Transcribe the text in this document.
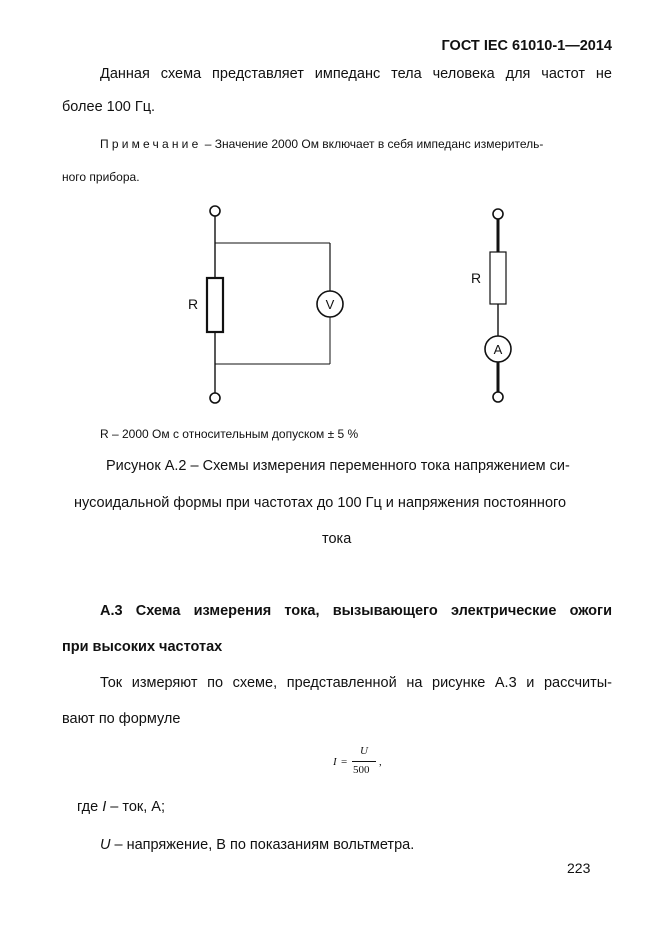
ГОСТ IEC 61010-1—2014
Данная схема представляет импеданс тела человека для частот не
более 100 Гц.
Примечание – Значение 2000 Ом включает в себя импеданс измеритель-
ного прибора.
R	V
R
A
R – 2000 Ом с относительным допуском ± 5 %
Рисунок А.2 – Схемы измерения переменного тока напряжением си-
нусоидальной формы при частотах до 100 Гц и напряжения постоянного
тока
А.3 Схема измерения тока, вызывающего электрические ожоги
при высоких частотах
Ток измеряют по схеме, представленной на рисунке А.3 и рассчиты-
вают по формуле
I =
U
500
,
где I – ток, А;
U – напряжение, В по показаниям вольтметра.
223
